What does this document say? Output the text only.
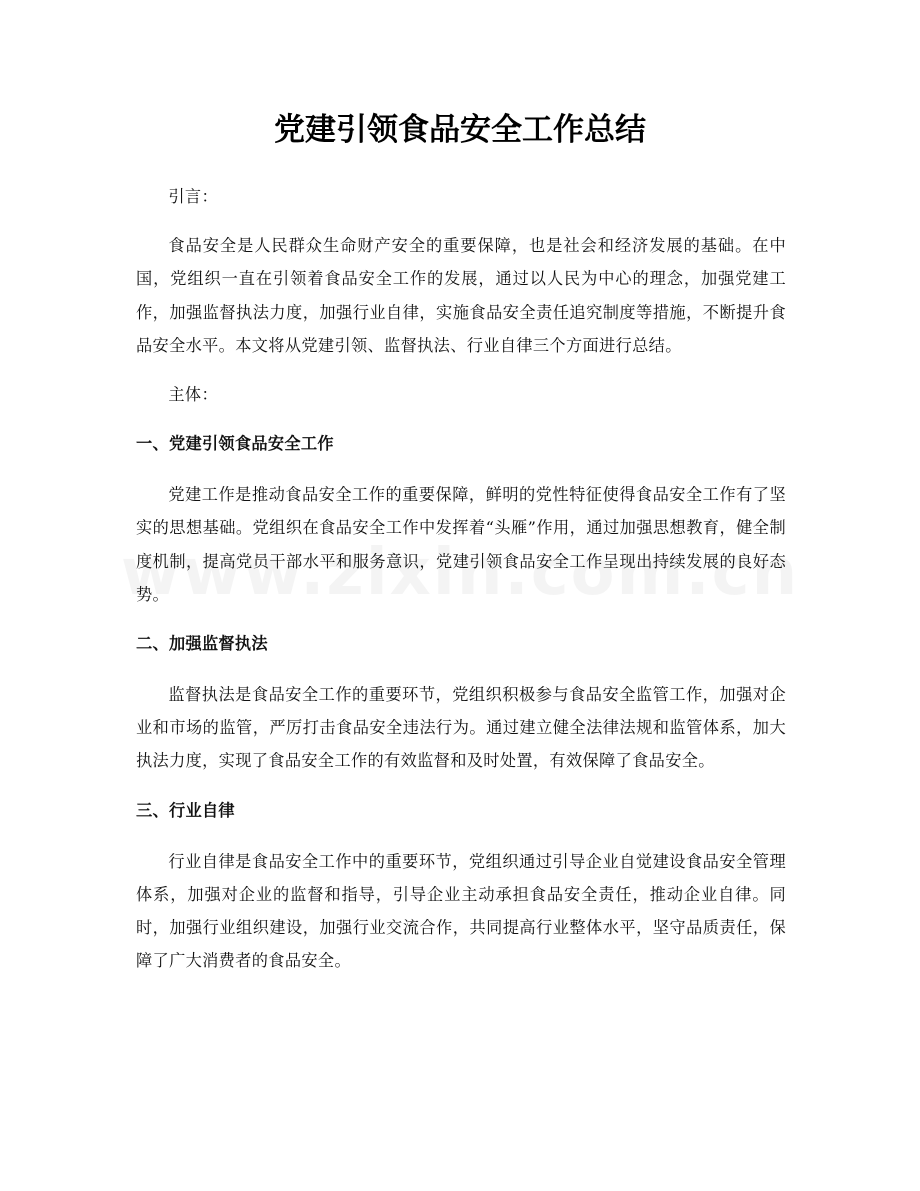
党建引领食品安全工作总结

引言：

食品安全是人民群众生命财产安全的重要保障，也是社会和经济发展的基础。在中国，党组织一直在引领着食品安全工作的发展，通过以人民为中心的理念，加强党建工作，加强监督执法力度，加强行业自律，实施食品安全责任追究制度等措施，不断提升食品安全水平。本文将从党建引领、监督执法、行业自律三个方面进行总结。

主体：

一、党建引领食品安全工作

党建工作是推动食品安全工作的重要保障，鲜明的党性特征使得食品安全工作有了坚实的思想基础。党组织在食品安全工作中发挥着“头雁”作用，通过加强思想教育，健全制度机制，提高党员干部水平和服务意识，党建引领食品安全工作呈现出持续发展的良好态势。

二、加强监督执法

监督执法是食品安全工作的重要环节，党组织积极参与食品安全监管工作，加强对企业和市场的监管，严厉打击食品安全违法行为。通过建立健全法律法规和监管体系，加大执法力度，实现了食品安全工作的有效监督和及时处置，有效保障了食品安全。

三、行业自律

行业自律是食品安全工作中的重要环节，党组织通过引导企业自觉建设食品安全管理体系，加强对企业的监督和指导，引导企业主动承担食品安全责任，推动企业自律。同时，加强行业组织建设，加强行业交流合作，共同提高行业整体水平，坚守品质责任，保障了广大消费者的食品安全。
